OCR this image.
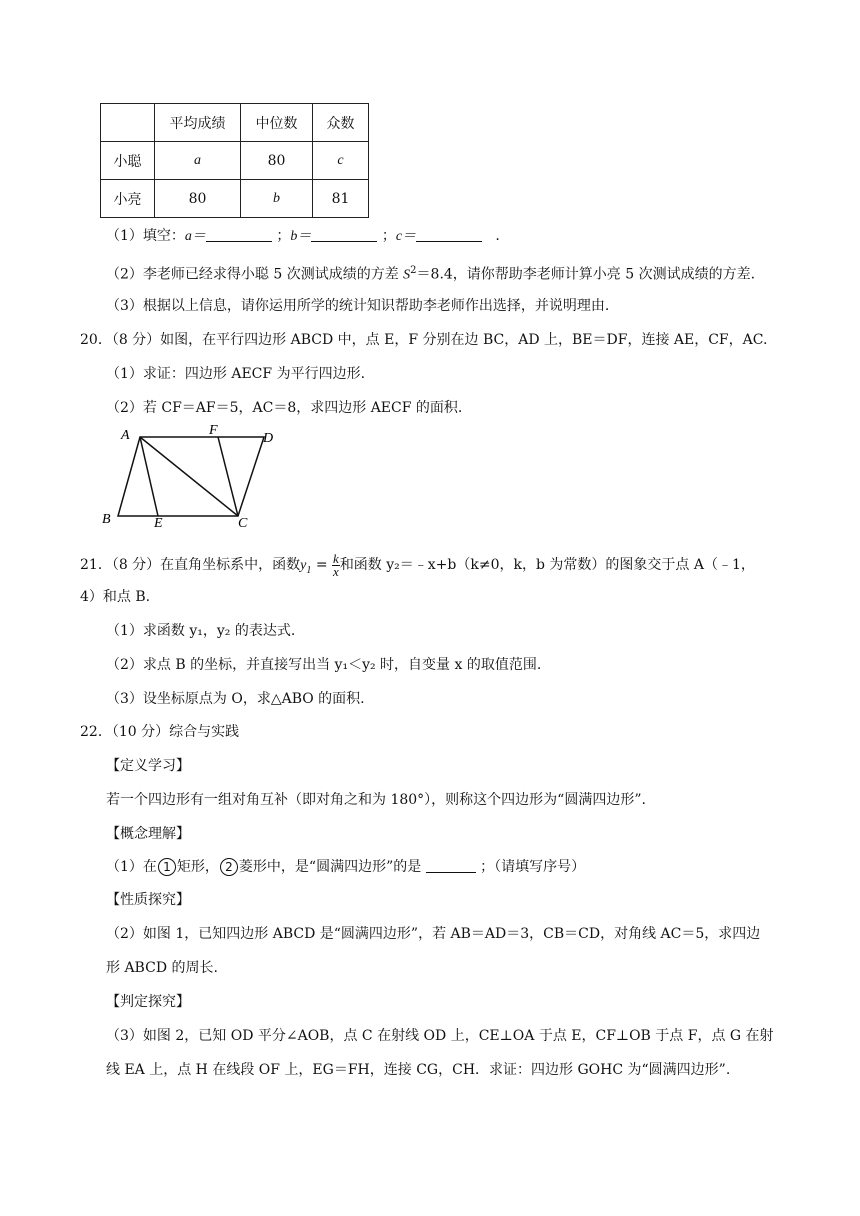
	平均成绩	中位数	众数
小聪	a	80	c
小亮	80	b	81
（1）填空：a＝	；b＝	；c＝	.
（2）李老师已经求得小聪 5 次测试成绩的方差 $S^2=8.4$，请你帮助李老师计算小亮 5 次测试成绩的方差.
（3）根据以上信息，请你运用所学的统计知识帮助李老师作出选择，并说明理由.
20．（8 分）如图，在平行四边形 ABCD 中，点 E，F 分别在边 BC，AD 上，BE＝DF，连接 AE，CF，AC.
（1）求证：四边形 AECF 为平行四边形.
（2）若 CF＝AF＝5，AC＝8，求四边形 AECF 的面积.
A	F
D
B	E	C
21．（8 分）在直角坐标系中，函数$y_1 = \frac{k}{x}$ 和函数 y₂＝﹣x+b（k≠0，k，b 为常数）的图象交于点 A（﹣1，
4）和点 B.
（1）求函数 y₁，y₂ 的表达式.
（2）求点 B 的坐标，并直接写出当 y₁＜y₂ 时，自变量 x 的取值范围.
（3）设坐标原点为 O，求△ABO 的面积.
22．（10 分）综合与实践
【定义学习】
若一个四边形有一组对角互补（即对角之和为 180°），则称这个四边形为“圆满四边形”.
【概念理解】
（1）在 1 矩形， 2 菱形中，是“圆满四边形”的是	；（请填写序号）
【性质探究】
（2）如图 1，已知四边形 ABCD 是“圆满四边形”，若 AB＝AD＝3，CB＝CD，对角线 AC＝5，求四边
形 ABCD 的周长.
【判定探究】
（3）如图 2，已知 OD 平分∠AOB，点 C 在射线 OD 上，CE⊥OA 于点 E，CF⊥OB 于点 F，点 G 在射
线 EA 上，点 H 在线段 OF 上，EG＝FH，连接 CG，CH．求证：四边形 GOHC 为“圆满四边形”.
